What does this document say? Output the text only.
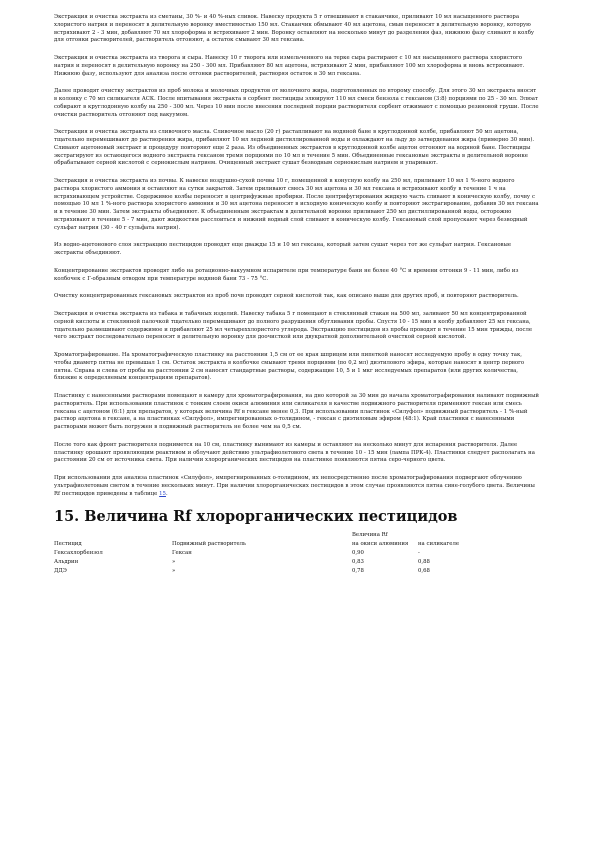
Экстракция и очистка экстракта из сметаны, 30 %- и 40 %-ных сливок. Навеску продукта 5 г отвешивают в стаканчике, приливают 10 мл насыщенного раствора хлористого натрия и переносят в делительную воронку вместимостью 150 мл. Стаканчик обмывают 40 мл ацетона, смыв переносят в делительную воронку, которую встряхивают 2 - 3 мин, добавляют 70 мл хлороформа и встряхивают 2 мин. Воронку оставляют на несколько минут до разделения фаз, нижнюю фазу сливают в колбу для отгонки растворителей, растворитель отгоняют, а остаток смывают 30 мл гексана.

Экстракция и очистка экстракта из творога и сыра. Навеску 10 г творога или измельченного на терке сыра растирают с 10 мл насыщенного раствора хлористого натрия и переносят в делительную воронку на 250 - 300 мл. Прибавляют 80 мл ацетона, встряхивают 2 мин, прибавляют 100 мл хлороформа и вновь встряхивают. Нижнюю фазу, используют для анализа после отгонки растворителей, растворяя остаток в 30 мл гексана.

Далее проводят очистку экстрактов из проб молока и молочных продуктов от молочного жира, подготовленных по второму способу. Для этого 30 мл экстракта вносят в колонку с 70 мл силикагеля АСК. После впитывания экстракта в сорбент пестициды элюируют 110 мл смеси бензола с гексаном (3:8) порциями по 25 - 30 мл. Элюат собирают в круглодонную колбу на 250 - 300 мл. Через 10 мин после внесения последней порции растворителя сорбент отжимают с помощью резиновой груши. После очистки растворитель отгоняют под вакуумом.

Экстракция и очистка экстракта из сливочного масла. Сливочное масло (20 г) растапливают на водяной бане в круглодонной колбе, прибавляют 50 мл ацетона, тщательно перемешивают до растворения жира, прибавляют 10 мл ледяной дистиллированной воды и охлаждают на льду до затвердевания жира (примерно 30 мин). Сливают ацетоновый экстракт и процедуру повторяют еще 2 раза. Из объединенных экстрактов в круглодонной колбе ацетон отгоняют на водяной бане. Пестициды экстрагируют из остающегося водного экстракта гексаном тремя порциями по 10 мл в течение 5 мин. Объединенные гексановые экстракты в делительной воронке обрабатывают серной кислотой с сернокислым натрием. Очищенный экстракт сушат безводным сернокислым натрием и упаривают.

Экстракция и очистка экстракта из почвы. К навеске воздушно-сухой почвы 10 г, помещенной в конусную колбу на 250 мл, приливают 10 мл 1 %-ного водного раствора хлористого аммония и оставляют на сутки закрытой. Затем приливают смесь 30 мл ацетона и 30 мл гексана и встряхивают колбу в течение 1 ч на встряхивающем устройстве. Содержимое колбы переносят в центрифужные пробирки. После центрифугирования жидкую часть сливают в коническую колбу, почву с помощью 10 мл 1 %-ного раствора хлористого аммония и 30 мл ацетона переносят в исходную коническую колбу и повторяют экстрагирование, добавив 30 мл гексана и в течение 30 мин. Затем экстракты объединяют. К объединенным экстрактам в делительной воронке приливают 250 мл дистиллированной воды, осторожно встряхивают в течение 5 - 7 мин, дают жидкостям расслоиться и нижний водный слой сливают в коническую колбу. Гексановый слой пропускают через безводный сульфат натрия (30 - 40 г сульфата натрия).

Из водно-ацетонового слоя экстракцию пестицидов проводят еще дважды 15 и 10 мл гексана, который затем сушат через тот же сульфат натрия. Гексановые экстракты объединяют.

Концентрирование экстрактов проводят либо на ротационно-вакуумном испарителе при температуре бани не более 40 °С и времени отгонки 9 - 11 мин, либо из колбочек с Г-образным отводом при температуре водяной бани 73 - 75 °С.

Очистку концентрированных гексановых экстрактов из проб почв проводят серной кислотой так, как описано выше для других проб, и повторяют растворитель.

Экстракция и очистка экстракта из табака и табачных изделий. Навеску табака 5 г помещают в стеклянный стакан на 500 мл, заливают 50 мл концентрированной серной кислоты и стеклянной палочкой тщательно перемешивают до полного разрушения обугливания пробы. Спустя 10 - 15 мин в колбу добавляют 25 мл гексана, тщательно размешивают содержимое и прибавляют 25 мл четыреххлористого углерода. Экстракцию пестицидов из пробы проводят в течение 15 мин трижды, после чего экстракт последовательно переносят в делительную воронку для доочисткой или двукратной дополнительной очисткой серной кислотой.

Хроматографирование. На хроматографическую пластинку на расстоянии 1,5 см от ее края шприцем или пипеткой наносят исследуемую пробу в одну точку так, чтобы диаметр пятна не превышал 1 см. Остаток экстракта в колбочке смывают тремя порциями (по 0,2 мл) диэтилового эфира, которые наносят в центр первого пятна. Справа и слева от пробы на расстоянии 2 см наносят стандартные растворы, содержащие 10, 5 и 1 мкг исследуемых препаратов (или других количества, близкие к определяемым концентрациям препаратов).

Пластинку с нанесенными растворами помещают в камеру для хроматографирования, на дно которой за 30 мин до начала хроматографирования наливают подвижный растворитель. При использовании пластинок с тонким слоем окиси алюминия или силикагеля в качестве подвижного растворителя применяют гексан или смесь гексана с ацетоном (6:1) для препаратов, у которых величина Rf в гексане менее 0,3. При использовании пластинок «Силуфол» подвижный растворитель - 1 %-ный раствор ацетона в гексане, а на пластинках «Силуфол», импрегнированных о-толидином, - гексан с диэтиловым эфиром (48:1). Край пластинки с нанесенными растворами может быть погружен в подвижный растворитель не более чем на 0,5 см.

После того как фронт растворителя поднимется на 10 см, пластинку вынимают из камеры и оставляют на несколько минут для испарения растворителя. Далее пластинку орошают проявляющим реактивом и облучают действию ультрафиолетового света в течение 10 - 15 мин (лампа ПРК-4). Пластинки следует располагать на расстоянии 20 см от источника света. При наличии хлорорганических пестицидов на пластинке появляются пятна серо-черного цвета.

При использовании для анализа пластинок «Силуфол», импрегнированных о-толидином, их непосредственно после хроматографирования подвергают облучению ультрафиолетовым светом в течение нескольких минут. При наличии хлорорганических пестицидов в этом случае проявляются пятна сине-голубого цвета. Величины Rf пестицидов приведены в таблице 15.

15. Величина Rf хлорорганических пестицидов
Пестицид	Подвижный растворитель	Величина Rf	
		на окиси алюминия	на силикагеле
Гексахлорбензол	Гексан	0,90	-
Альдрин	»	0,83	0,88
ДДЭ	»	0,78	0,68
